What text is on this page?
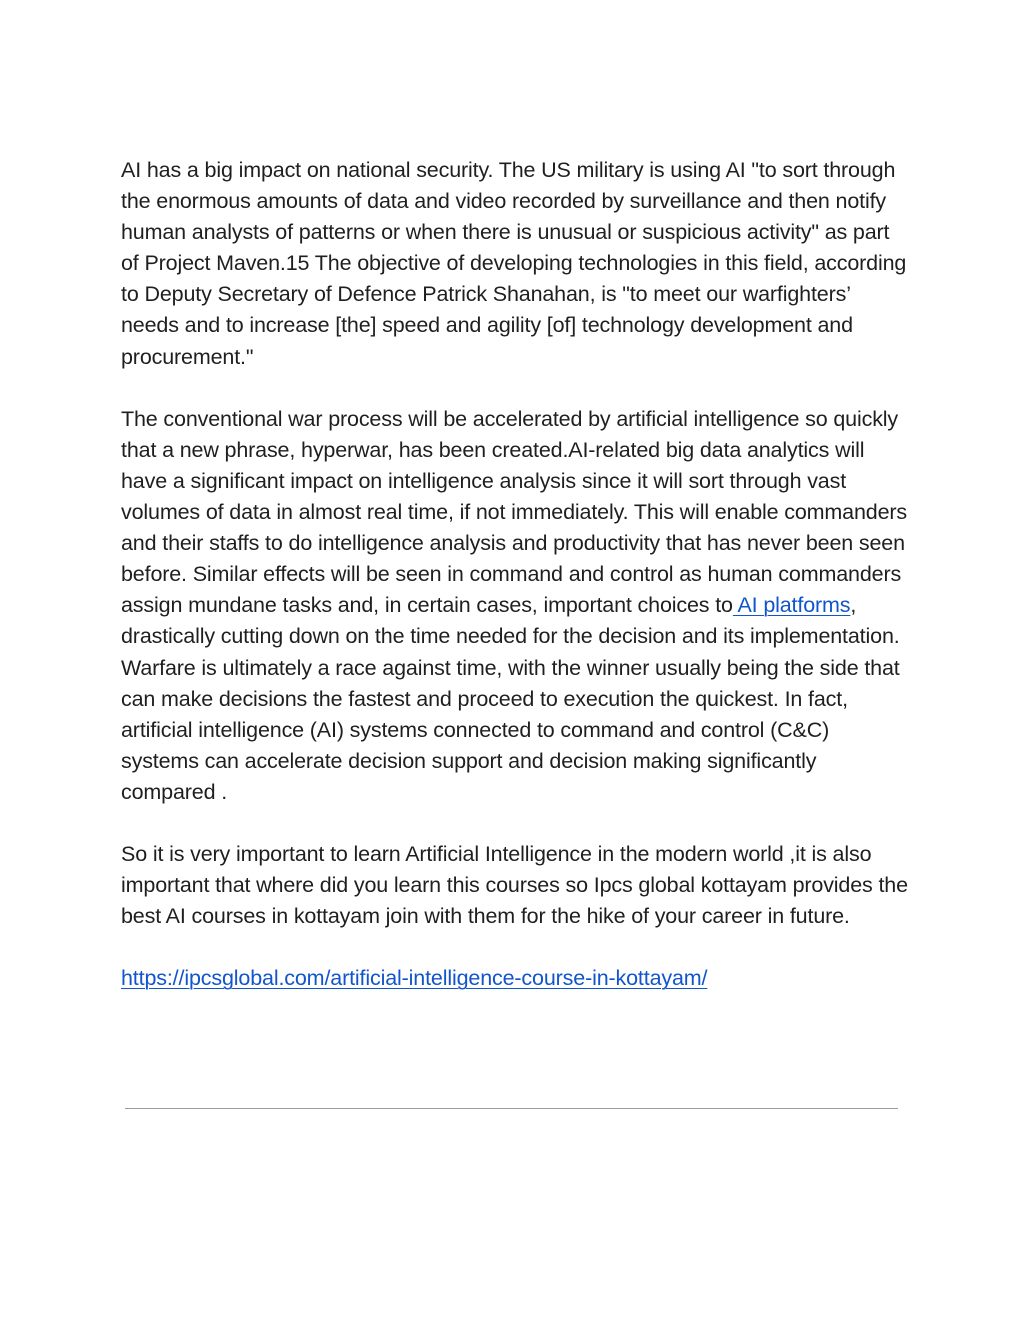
AI has a big impact on national security. The US military is using AI "to sort through the enormous amounts of data and video recorded by surveillance and then notify human analysts of patterns or when there is unusual or suspicious activity" as part of Project Maven.15 The objective of developing technologies in this field, according to Deputy Secretary of Defence Patrick Shanahan, is "to meet our warfighters’ needs and to increase [the] speed and agility [of] technology development and procurement."

The conventional war process will be accelerated by artificial intelligence so quickly that a new phrase, hyperwar, has been created.AI-related big data analytics will have a significant impact on intelligence analysis since it will sort through vast volumes of data in almost real time, if not immediately. This will enable commanders and their staffs to do intelligence analysis and productivity that has never been seen before. Similar effects will be seen in command and control as human commanders assign mundane tasks and, in certain cases, important choices to AI platforms, drastically cutting down on the time needed for the decision and its implementation. Warfare is ultimately a race against time, with the winner usually being the side that can make decisions the fastest and proceed to execution the quickest. In fact, artificial intelligence (AI) systems connected to command and control (C&C) systems can accelerate decision support and decision making significantly compared .

So it is very important to learn Artificial Intelligence in the modern world ,it is also important that where did you learn this courses so Ipcs global kottayam provides the best AI courses in kottayam join with them for the hike of your career in future.

https://ipcsglobal.com/artificial-intelligence-course-in-kottayam/
